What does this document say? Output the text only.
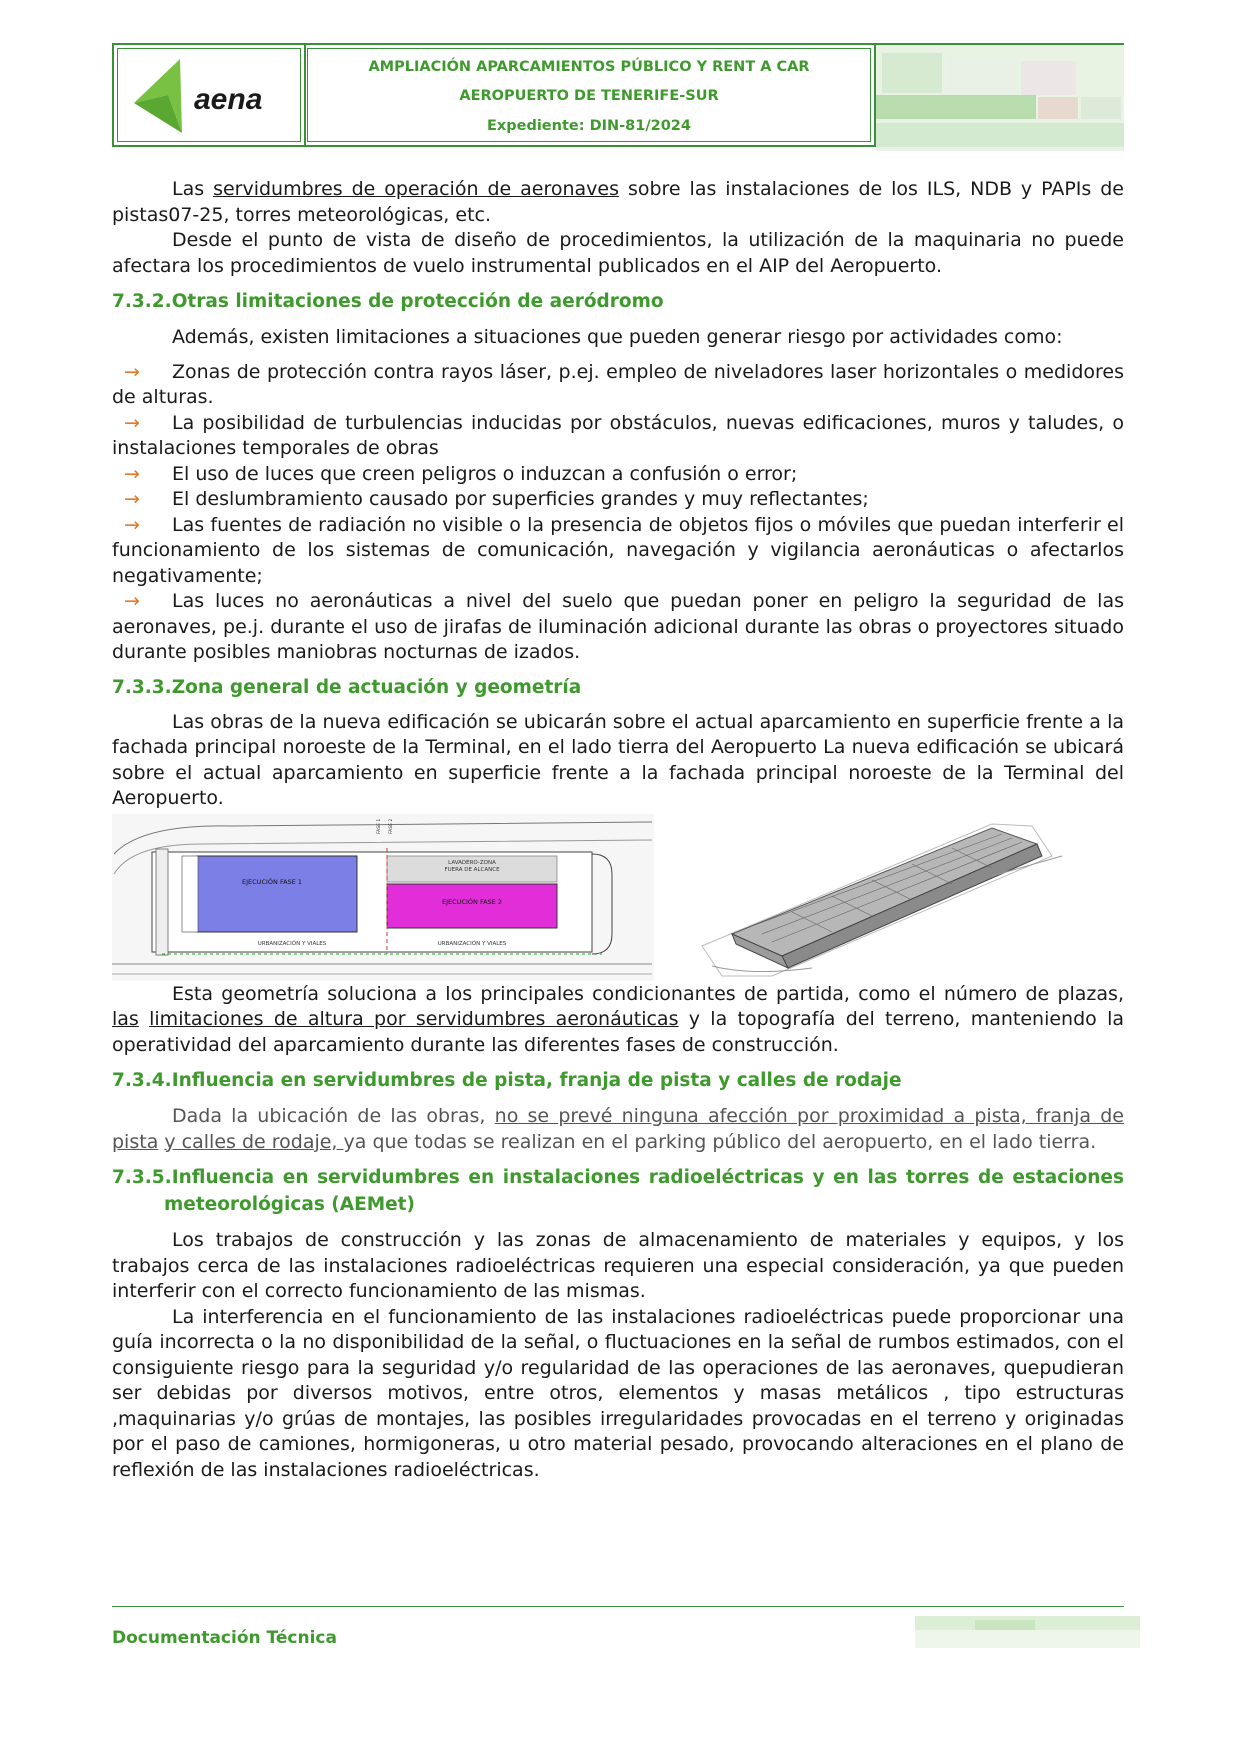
aena
AMPLIACIÓN APARCAMIENTOS PÚBLICO Y RENT A CAR
AEROPUERTO DE TENERIFE-SUR
Expediente: DIN-81/2024

Las servidumbres de operación de aeronaves sobre las instalaciones de los ILS, NDB y PAPIs de pistas07-25, torres meteorológicas, etc.

Desde el punto de vista de diseño de procedimientos, la utilización de la maquinaria no puede afectara los procedimientos de vuelo instrumental publicados en el AIP del Aeropuerto.

7.3.2.Otras limitaciones de protección de aeródromo

Además, existen limitaciones a situaciones que pueden generar riesgo por actividades como:

→ Zonas de protección contra rayos láser, p.ej. empleo de niveladores laser horizontales o medidores de alturas.

→ La posibilidad de turbulencias inducidas por obstáculos, nuevas edificaciones, muros y taludes, o instalaciones temporales de obras

→ El uso de luces que creen peligros o induzcan a confusión o error;

→ El deslumbramiento causado por superficies grandes y muy reflectantes;

→ Las fuentes de radiación no visible o la presencia de objetos fijos o móviles que puedan interferir el funcionamiento de los sistemas de comunicación, navegación y vigilancia aeronáuticas o afectarlos negativamente;

→ Las luces no aeronáuticas a nivel del suelo que puedan poner en peligro la seguridad de las aeronaves, pe.j. durante el uso de jirafas de iluminación adicional durante las obras o proyectores situado durante posibles maniobras nocturnas de izados.

7.3.3.Zona general de actuación y geometría

Las obras de la nueva edificación se ubicarán sobre el actual aparcamiento en superficie frente a la fachada principal noroeste de la Terminal, en el lado tierra del Aeropuerto La nueva edificación se ubicará sobre el actual aparcamiento en superficie frente a la fachada principal noroeste de la Terminal del Aeropuerto.

EJECUCIÓN FASE 1
EJECUCIÓN FASE 2
LAVADERO-ZONA
FUERA DE ALCANCE
URBANIZACIÓN Y VIALES	URBANIZACIÓN Y VIALES
FASE 1 FASE 2

Esta geometría soluciona a los principales condicionantes de partida, como el número de plazas, las limitaciones de altura por servidumbres aeronáuticas y la topografía del terreno, manteniendo la operatividad del aparcamiento durante las diferentes fases de construcción.

7.3.4.Influencia en servidumbres de pista, franja de pista y calles de rodaje

Dada la ubicación de las obras, no se prevé ninguna afección por proximidad a pista, franja de pista y calles de rodaje, ya que todas se realizan en el parking público del aeropuerto, en el lado tierra.

7.3.5.Influencia en servidumbres en instalaciones radioeléctricas y en las torres de estaciones meteorológicas (AEMet)

Los trabajos de construcción y las zonas de almacenamiento de materiales y equipos, y los trabajos cerca de las instalaciones radioeléctricas requieren una especial consideración, ya que pueden interferir con el correcto funcionamiento de las mismas.

La interferencia en el funcionamiento de las instalaciones radioeléctricas puede proporcionar una guía incorrecta o la no disponibilidad de la señal, o fluctuaciones en la señal de rumbos estimados, con el consiguiente riesgo para la seguridad y/o regularidad de las operaciones de las aeronaves, quepudieran ser debidas por diversos motivos, entre otros, elementos y masas metálicos , tipo estructuras ,maquinarias y/o grúas de montajes, las posibles irregularidades provocadas en el terreno y originadas por el paso de camiones, hormigoneras, u otro material pesado, provocando alteraciones en el plano de reflexión de las instalaciones radioeléctricas.

Documentación Técnica
